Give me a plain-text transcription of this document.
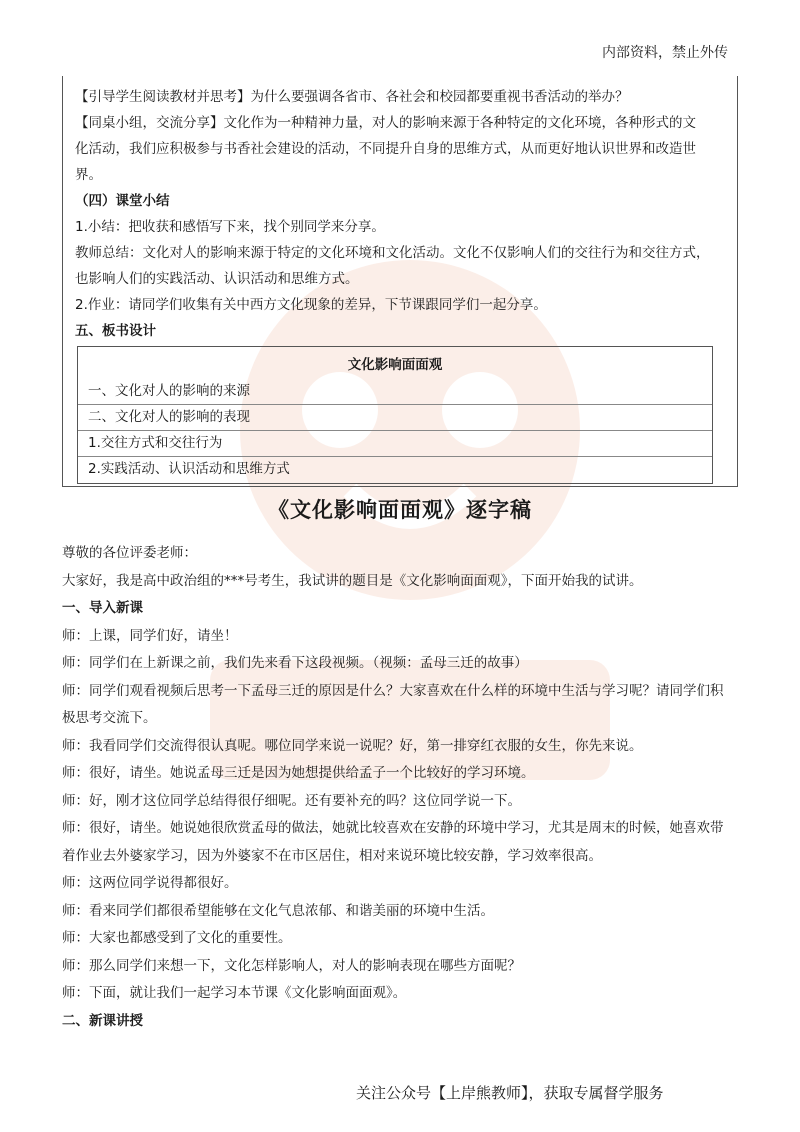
内部资料，禁止外传

【引导学生阅读教材并思考】为什么要强调各省市、各社会和校园都要重视书香活动的举办？

【同桌小组，交流分享】文化作为一种精神力量，对人的影响来源于各种特定的文化环境，各种形式的文

化活动，我们应积极参与书香社会建设的活动，不同提升自身的思维方式，从而更好地认识世界和改造世

界。

（四）课堂小结

1.小结：把收获和感悟写下来，找个别同学来分享。

教师总结：文化对人的影响来源于特定的文化环境和文化活动。文化不仅影响人们的交往行为和交往方式，

也影响人们的实践活动、认识活动和思维方式。

2.作业：请同学们收集有关中西方文化现象的差异，下节课跟同学们一起分享。

五、板书设计

文化影响面面观
一、文化对人的影响的来源
二、文化对人的影响的表现
1.交往方式和交往行为
2.实践活动、认识活动和思维方式
《文化影响面面观》逐字稿

尊敬的各位评委老师：

大家好，我是高中政治组的***号考生，我试讲的题目是《文化影响面面观》，下面开始我的试讲。

一、导入新课

师：上课，同学们好，请坐！

师：同学们在上新课之前，我们先来看下这段视频。（视频：孟母三迁的故事）

师：同学们观看视频后思考一下孟母三迁的原因是什么？大家喜欢在什么样的环境中生活与学习呢？请同学们积

极思考交流下。

师：我看同学们交流得很认真呢。哪位同学来说一说呢？好，第一排穿红衣服的女生，你先来说。

师：很好，请坐。她说孟母三迁是因为她想提供给孟子一个比较好的学习环境。

师：好，刚才这位同学总结得很仔细呢。还有要补充的吗？这位同学说一下。

师：很好，请坐。她说她很欣赏孟母的做法，她就比较喜欢在安静的环境中学习，尤其是周末的时候，她喜欢带

着作业去外婆家学习，因为外婆家不在市区居住，相对来说环境比较安静，学习效率很高。

师：这两位同学说得都很好。

师：看来同学们都很希望能够在文化气息浓郁、和谐美丽的环境中生活。

师：大家也都感受到了文化的重要性。

师：那么同学们来想一下，文化怎样影响人，对人的影响表现在哪些方面呢？

师：下面，就让我们一起学习本节课《文化影响面面观》。

二、新课讲授

关注公众号【上岸熊教师】，获取专属督学服务
